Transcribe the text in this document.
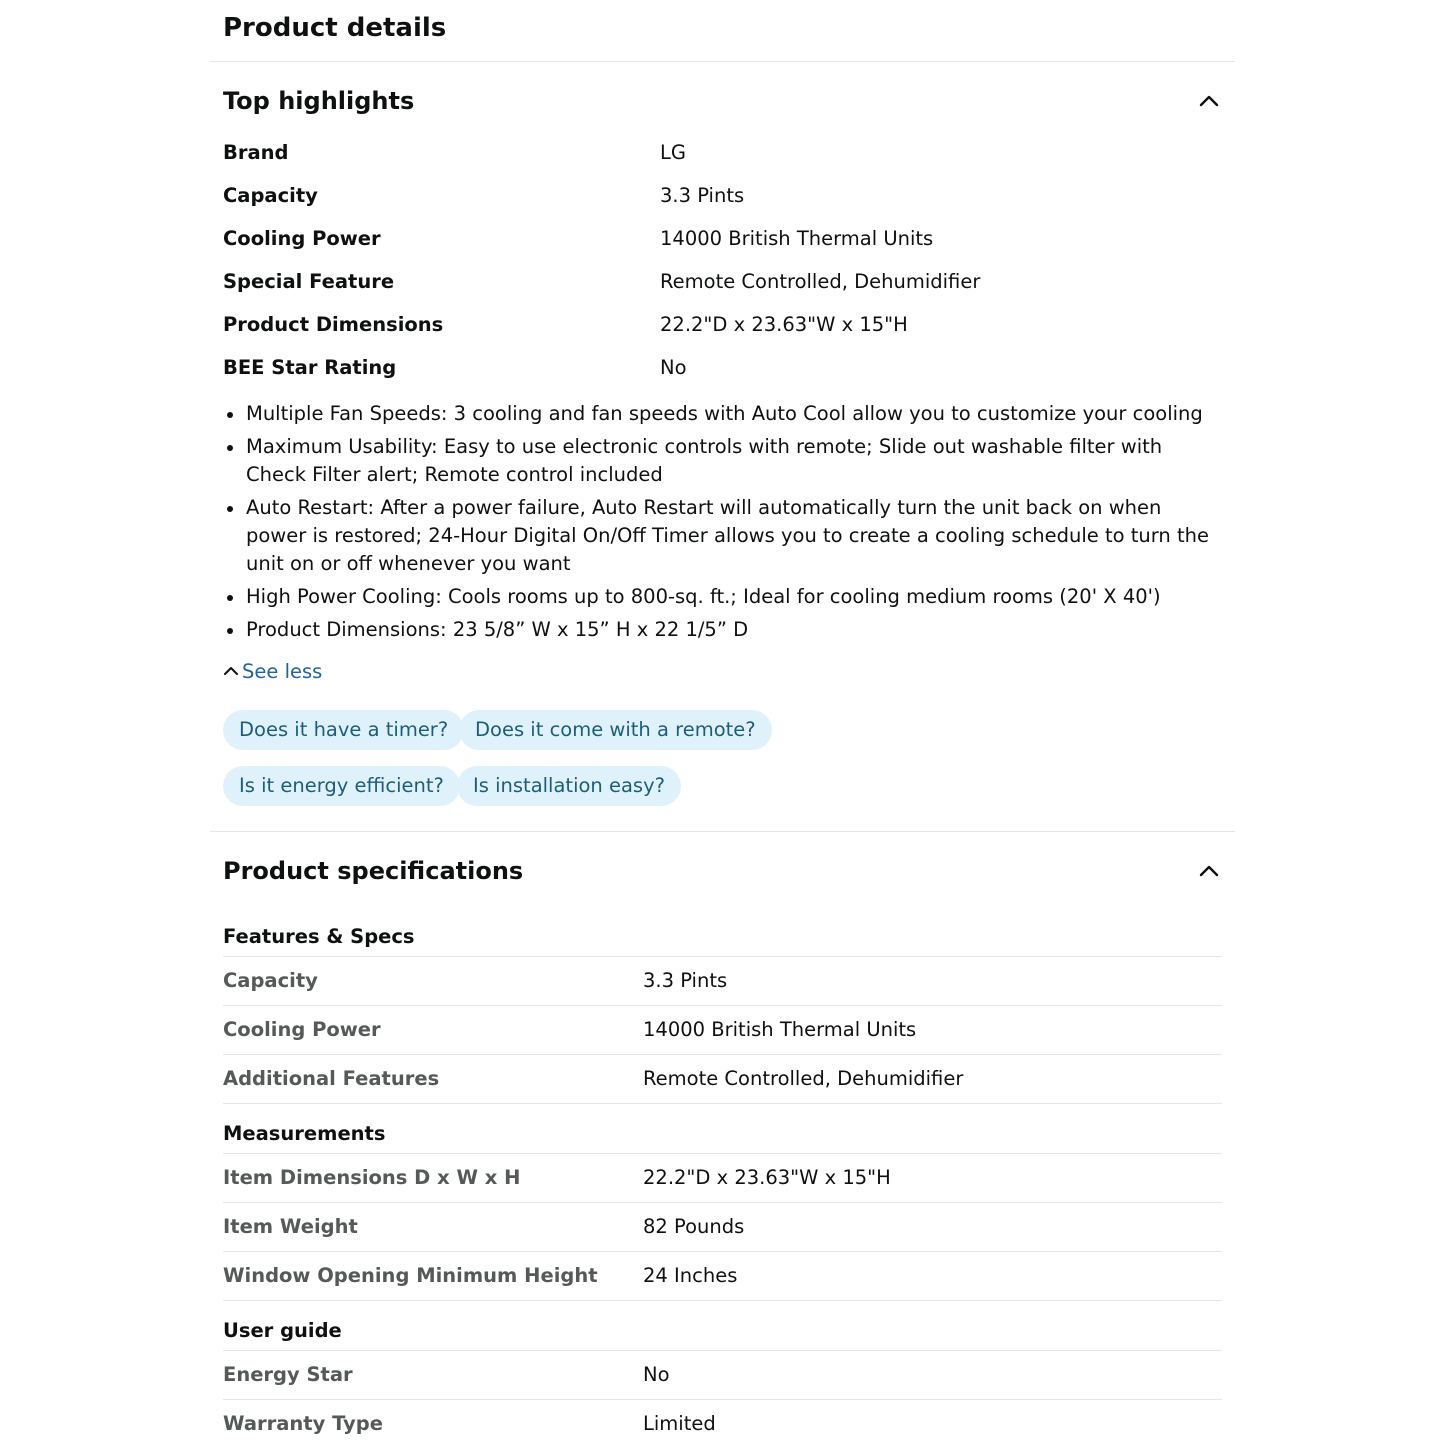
Product details
Top highlights
Brand	LG
Capacity	3.3 Pints
Cooling Power	14000 British Thermal Units
Special Feature	Remote Controlled, Dehumidifier
Product Dimensions	22.2"D x 23.63"W x 15"H
BEE Star Rating	No
Multiple Fan Speeds: 3 cooling and fan speeds with Auto Cool allow you to customize your cooling
Maximum Usability: Easy to use electronic controls with remote; Slide out washable filter with Check Filter alert; Remote control included
Auto Restart: After a power failure, Auto Restart will automatically turn the unit back on when power is restored; 24-Hour Digital On/Off Timer allows you to create a cooling schedule to turn the unit on or off whenever you want
High Power Cooling: Cools rooms up to 800-sq. ft.; Ideal for cooling medium rooms (20' X 40')
Product Dimensions: 23 5/8” W x 15” H x 22 1/5” D
See less
Does it have a timer?	Does it come with a remote?
Is it energy efficient?	Is installation easy?
Product specifications
Features & Specs
Capacity	3.3 Pints
Cooling Power	14000 British Thermal Units
Additional Features	Remote Controlled, Dehumidifier
Measurements
Item Dimensions D x W x H	22.2"D x 23.63"W x 15"H
Item Weight	82 Pounds
Window Opening Minimum Height 24 Inches
User guide
Energy Star	No
Warranty Type	Limited
